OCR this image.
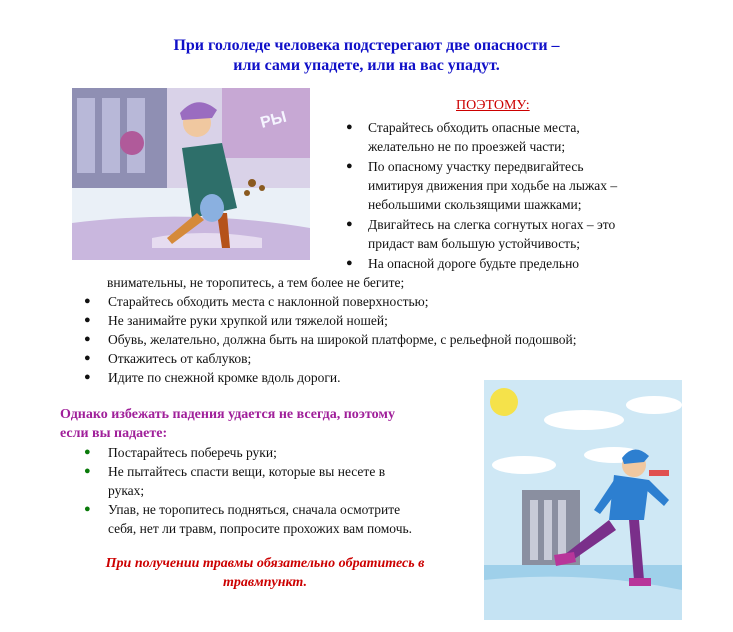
При гололеде человека подстерегают две опасности –
или сами упадете, или на вас упадут.
РЫ
ПОЭТОМУ:
● Старайтесь обходить опасные места,
желательно не по проезжей части;
● По опасному участку передвигайтесь
имитируя движения при ходьбе на лыжах –
небольшими скользящими шажками;
● Двигайтесь на слегка согнутых ногах – это
придаст вам большую устойчивость;
● На опасной дороге будьте предельно
внимательны, не торопитесь, а тем более не бегите;
● Старайтесь обходить места с наклонной поверхностью;
● Не занимайте руки хрупкой или тяжелой ношей;
● Обувь, желательно, должна быть на широкой платформе, с рельефной подошвой;
● Откажитесь от каблуков;
● Идите по снежной кромке вдоль дороги.
Однако избежать падения удается не всегда, поэтому
если вы падаете:
● Постарайтесь поберечь руки;
● Не пытайтесь спасти вещи, которые вы несете в
руках;
● Упав, не торопитесь подняться, сначала осмотрите
себя, нет ли травм, попросите прохожих вам помочь.
При получении травмы обязательно обратитесь в
травмпункт.
